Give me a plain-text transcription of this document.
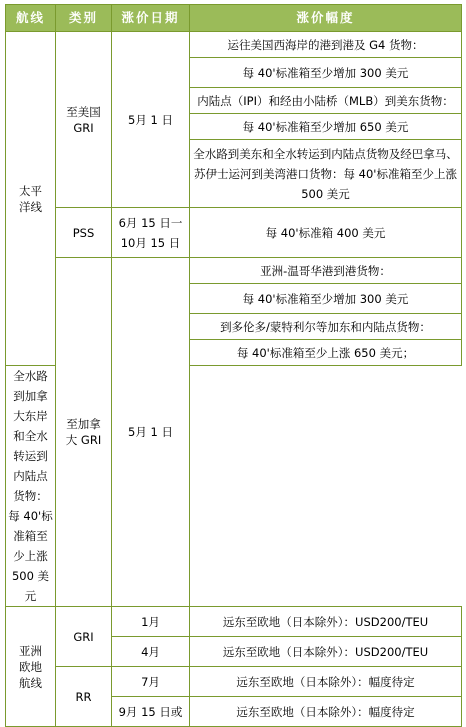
航线	类别	涨价日期	涨价幅度
太平洋线	至美国 GRI	5月 1 日	运往美国西海岸的港到港及 G4 货物：
			每 40'标准箱至少增加 300 美元
			内陆点（IPI）和经由小陆桥（MLB）到美东货物：
			每 40'标准箱至少增加 650 美元
			全水路到美东和全水转运到内陆点货物及经巴拿马、苏伊士运河到美湾港口货物：每 40'标准箱至少上涨 500 美元
	PSS	6月 15 日一 10月 15 日	每 40'标准箱 400 美元
	至加拿大 GRI	5月 1 日	亚洲-温哥华港到港货物：
			每 40'标准箱至少增加 300 美元
			到多伦多/蒙特利尔等加东和内陆点货物：
			每 40'标准箱至少上涨 650 美元；
全水路到加拿大东岸和全水转运到内陆点货物：每 40'标准箱至少上涨 500 美元			
亚洲欧地航线	GRI	1月	远东至欧地（日本除外）：USD200/TEU
		4月	远东至欧地（日本除外）：USD200/TEU
	RR	7月	远东至欧地（日本除外）：幅度待定
		9月 15 日或	远东至欧地（日本除外）：幅度待定
